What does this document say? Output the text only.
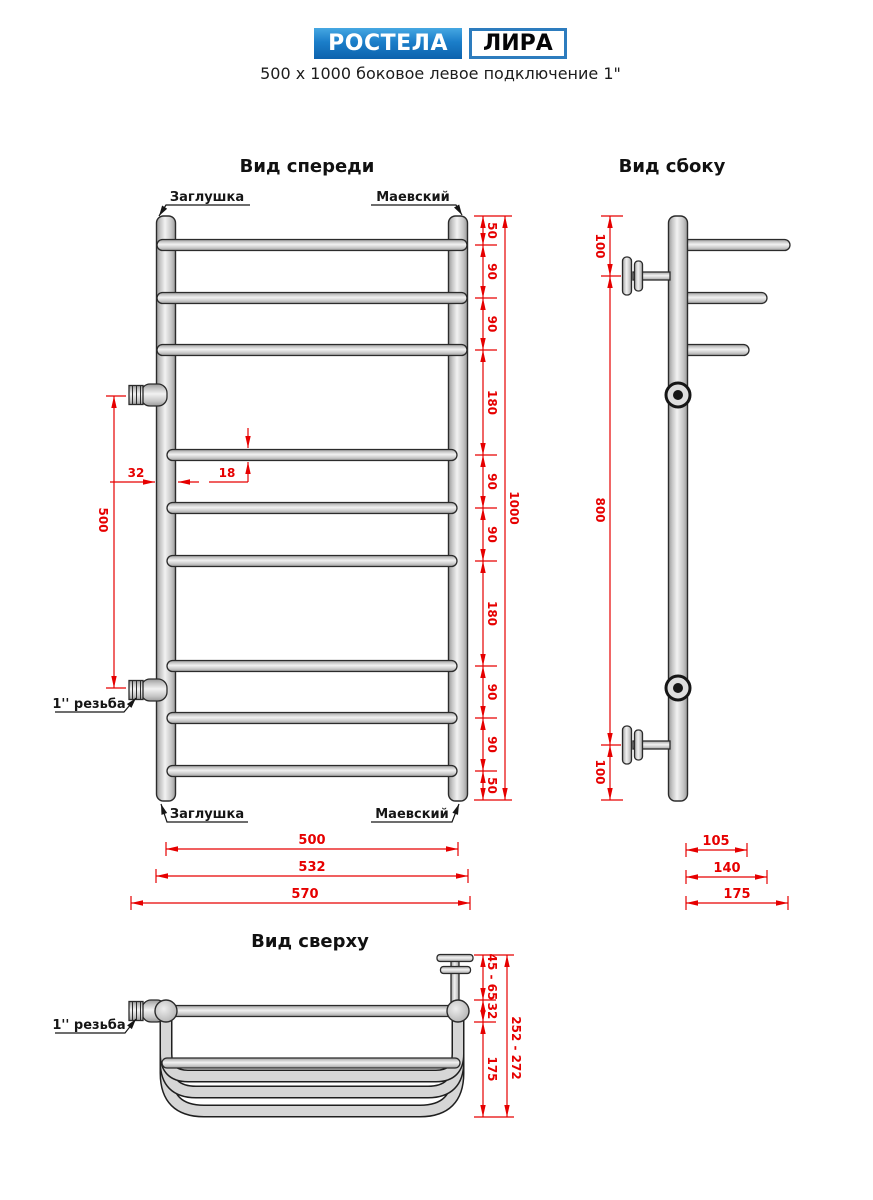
РОСТЕЛА	ЛИРА
500 x 1000 боковое левое подключение 1"
Вид спереди
Заглушка	Маевский
Заглушка	Маевский
1'' резьба
50
90
90
180
90
90
180
90
90
50
1000
500
32	18
500
532
570
Вид сбоку
100
800
100
105
140
175
Вид сверху
1'' резьба
45 - 65
32
175 252 - 272
